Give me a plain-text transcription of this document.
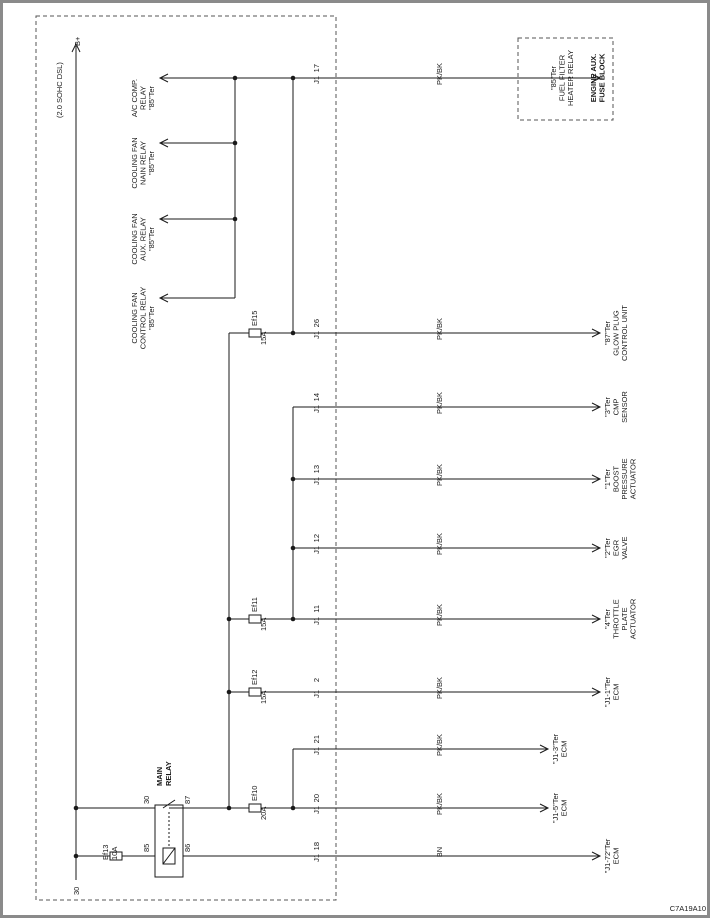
(2.0 SOHC DSL)
B+
30
Ef13 10A
MAIN RELAY
30	87
85	86
Ef15
15A
Ef11
15A
Ef12
15A
Ef10
20A
A/C COMP. RELAY "85"Ter
COOLING FAN NAIN RELAY "85"Ter
COOLING FAN AUX. RELAY "85"Ter
COOLING FAN CONTROL RELAY "85"Ter
J1
17	PK/BK
J1
26	PK/BK
J1
14	PK/BK
J1
13	PK/BK
J1
12	PK/BK
J1
11	PK/BK
J1
2	PK/BK
J1
21	PK/BK
J1
20	PK/BK
J1
18
BN
"87"Ter GLOW PLUG CONTROL UNIT
"3"Ter CMP SENSOR
"1"Ter BOOST PRESSURE ACTUATOR
"2"Ter EGR VALVE
"4"Ter THROTTLE PLATE ACTUATOR
"J1-1"Ter ECM
"J1-3"Ter ECM
"J1-5"Ter ECM
"J1-72"Ter ECM
"85"Ter FUEL FILTER HEATER RELAY ENGINE AUX. FUSE BLOCK
C7A19A10
